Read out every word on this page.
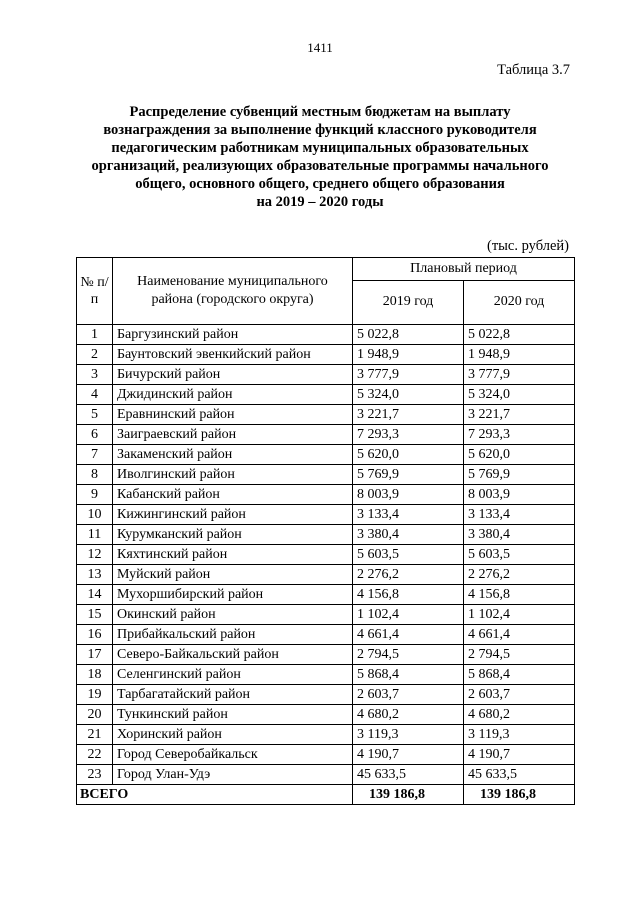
1411
Таблица 3.7
Распределение субвенций местным бюджетам на выплату
вознаграждения за выполнение функций классного руководителя
педагогическим работникам муниципальных образовательных
организаций, реализующих образовательные программы начального
общего, основного общего, среднего общего образования
на 2019 – 2020 годы
(тыс. рублей)
№ п/п	Наименование муниципального района (городского округа)	Плановый период	
		2019 год	2020 год
1	Баргузинский район	5 022,8	5 022,8
2	Баунтовский эвенкийский район	1 948,9	1 948,9
3	Бичурский район	3 777,9	3 777,9
4	Джидинский район	5 324,0	5 324,0
5	Еравнинский район	3 221,7	3 221,7
6	Заиграевский район	7 293,3	7 293,3
7	Закаменский район	5 620,0	5 620,0
8	Иволгинский район	5 769,9	5 769,9
9	Кабанский район	8 003,9	8 003,9
10	Кижингинский район	3 133,4	3 133,4
11	Курумканский район	3 380,4	3 380,4
12	Кяхтинский район	5 603,5	5 603,5
13	Муйский район	2 276,2	2 276,2
14	Мухоршибирский район	4 156,8	4 156,8
15	Окинский район	1 102,4	1 102,4
16	Прибайкальский район	4 661,4	4 661,4
17	Северо-Байкальский район	2 794,5	2 794,5
18	Селенгинский район	5 868,4	5 868,4
19	Тарбагатайский район	2 603,7	2 603,7
20	Тункинский район	4 680,2	4 680,2
21	Хоринский район	3 119,3	3 119,3
22	Город Северобайкальск	4 190,7	4 190,7
23	Город Улан-Удэ	45 633,5	45 633,5
ВСЕГО		139 186,8	139 186,8
